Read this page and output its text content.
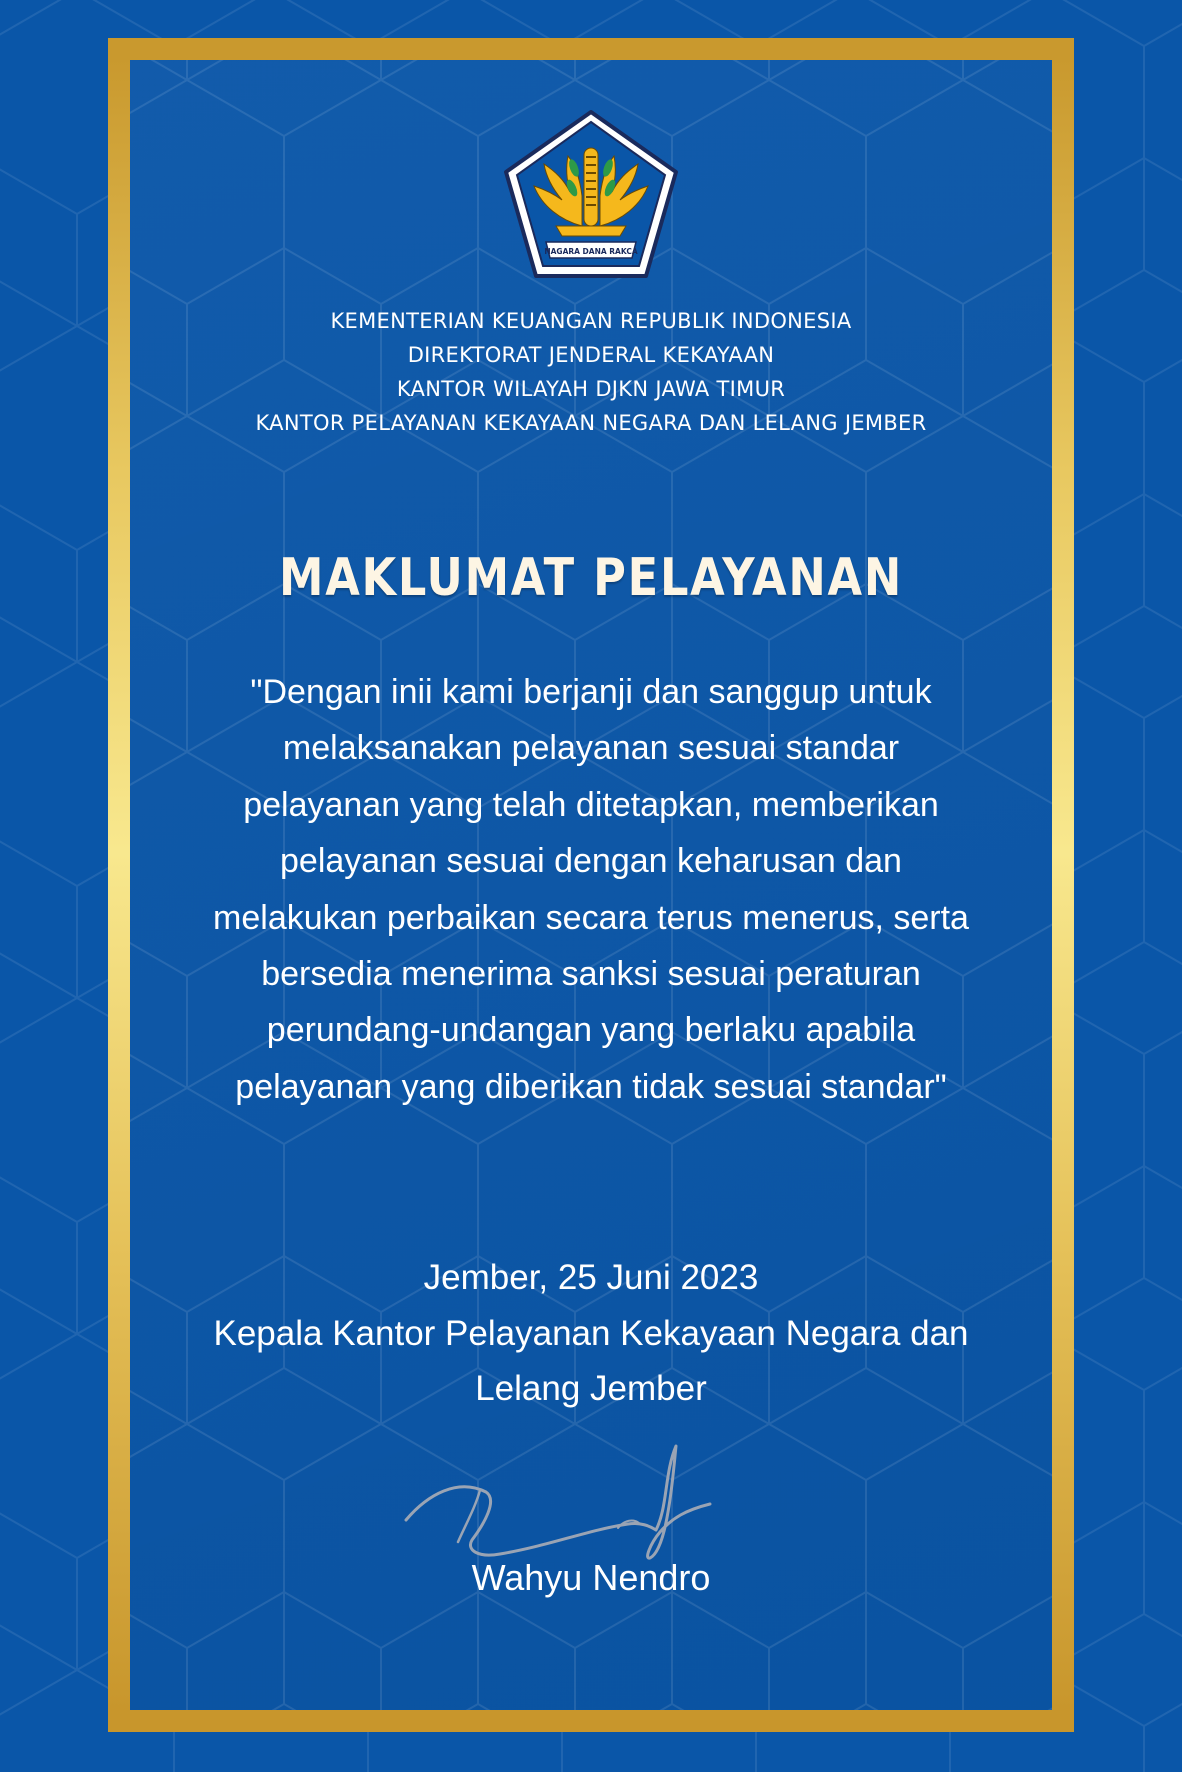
NAGARA DANA RAKCA
KEMENTERIAN KEUANGAN REPUBLIK INDONESIA
DIREKTORAT JENDERAL KEKAYAAN
KANTOR WILAYAH DJKN JAWA TIMUR
KANTOR PELAYANAN KEKAYAAN NEGARA DAN LELANG JEMBER
MAKLUMAT PELAYANAN
"Dengan inii kami berjanji dan sanggup untuk
melaksanakan pelayanan sesuai standar
pelayanan yang telah ditetapkan, memberikan
pelayanan sesuai dengan keharusan dan
melakukan perbaikan secara terus menerus, serta
bersedia menerima sanksi sesuai peraturan
perundang-undangan yang berlaku apabila
pelayanan yang diberikan tidak sesuai standar"
Jember, 25 Juni 2023
Kepala Kantor Pelayanan Kekayaan Negara dan
Lelang Jember
Wahyu Nendro
